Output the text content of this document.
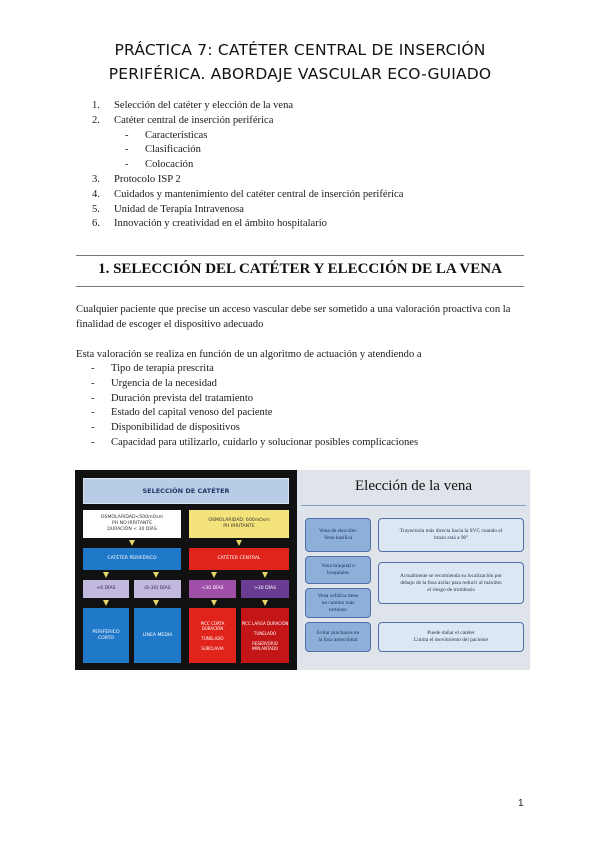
PRÁCTICA 7: CATÉTER CENTRAL DE INSERCIÓN
PERIFÉRICA. ABORDAJE VASCULAR ECO-GUIADO
1.	Selección del catéter y elección de la vena
2.	Catéter central de inserción periférica
-	Caracteristicas
-	Clasificación
-	Colocación
3.	Protocolo ISP 2
4.	Cuidados y mantenimiento del catéter central de inserción periférica
5.	Unidad de Terapia Intravenosa
6.	Innovación y creatividad en el ámbito hospitalario
1. SELECCIÓN DEL CATÉTER Y ELECCIÓN DE LA VENA
Cualquier paciente que precise un acceso vascular debe ser sometido a una valoración proactiva con la finalidad de escoger el dispositivo adecuado
Esta valoración se realiza en función de un algoritmo de actuación y atendiendo a
-	Tipo de terapia prescrita
-	Urgencia de la necesidad
-	Duración prevista del tratamiento
-	Estado del capital venoso del paciente
-	Disponibilidad de dispositivos
-	Capacidad para utilizarlo, cuidarlo y solucionar posibles complicaciones
SELECCIÓN DE CATÉTER
OSMOLARIDAD<500mOsm
PH NO IRRITANTE
DURACIÓN < 30 DÍAS
OSMOLARIDAD: 600mOsm
PH IRRITANTE
CATÉTER PERIFÉRICO	CATÉTER CENTRAL
<6 DÍAS	(6-30) DÍAS	<30 DÍAS	>30 DÍAS
PERIFÉRICO
CORTO
LÍNEA MEDIA
PICC CORTA
DURACIÓN

TUNELADO

SUBCLAVIA
PICC LARGA DURACIÓN

TUNELADO

RESERVORIO
IMPLANTADO
Elección de la vena
Vena de elección:
Vena basílica
Vena braquial o
braquiales
Vena cefálica tiene
un camino más
tortuoso
Evitar pinchazos en
la fosa antecubital
Trayectoria más directa hacia la SVC cuando el
brazo está a 90º
Actualmente se recomienda su localización por
debajo de la fosa axilar para reducir al máximo
el riesgo de trombosis
Puede dañar el catéter
Limita el movimiento del paciente
1
